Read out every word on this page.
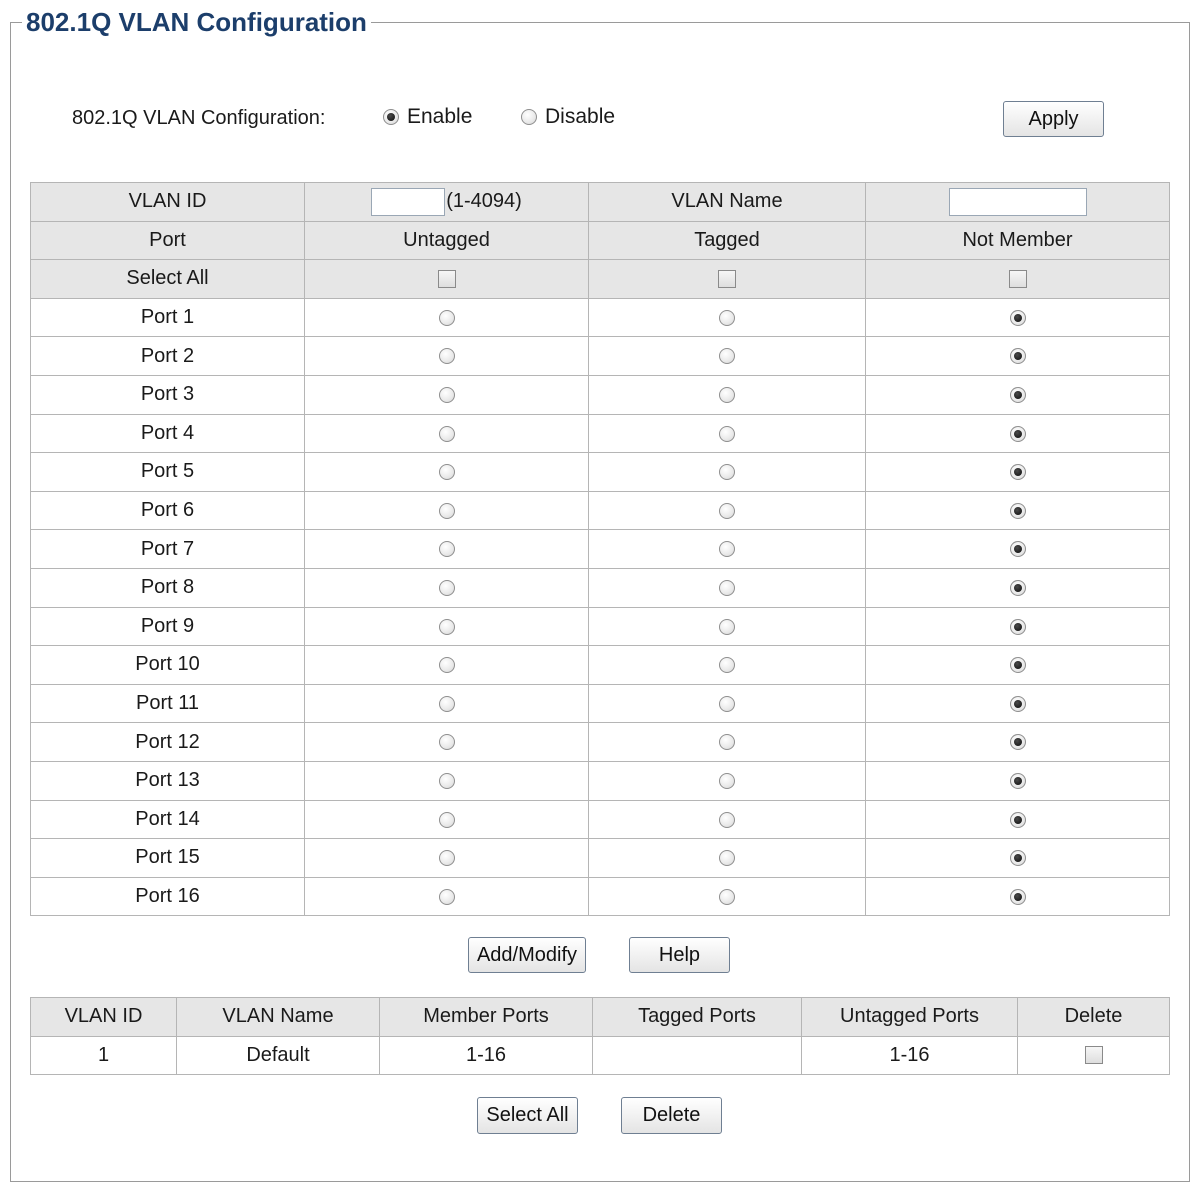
802.1Q VLAN Configuration
802.1Q VLAN Configuration:	Enable	Disable	Apply
VLAN ID	(1-4094)	VLAN Name	
Port	Untagged	Tagged	Not Member
Select All			
Port 1			
Port 2			
Port 3			
Port 4			
Port 5			
Port 6			
Port 7			
Port 8			
Port 9			
Port 10			
Port 11			
Port 12			
Port 13			
Port 14			
Port 15			
Port 16			
Add/Modify	Help
VLAN ID	VLAN Name	Member Ports	Tagged Ports	Untagged Ports	Delete
1	Default	1-16		1-16	
Select All	Delete
